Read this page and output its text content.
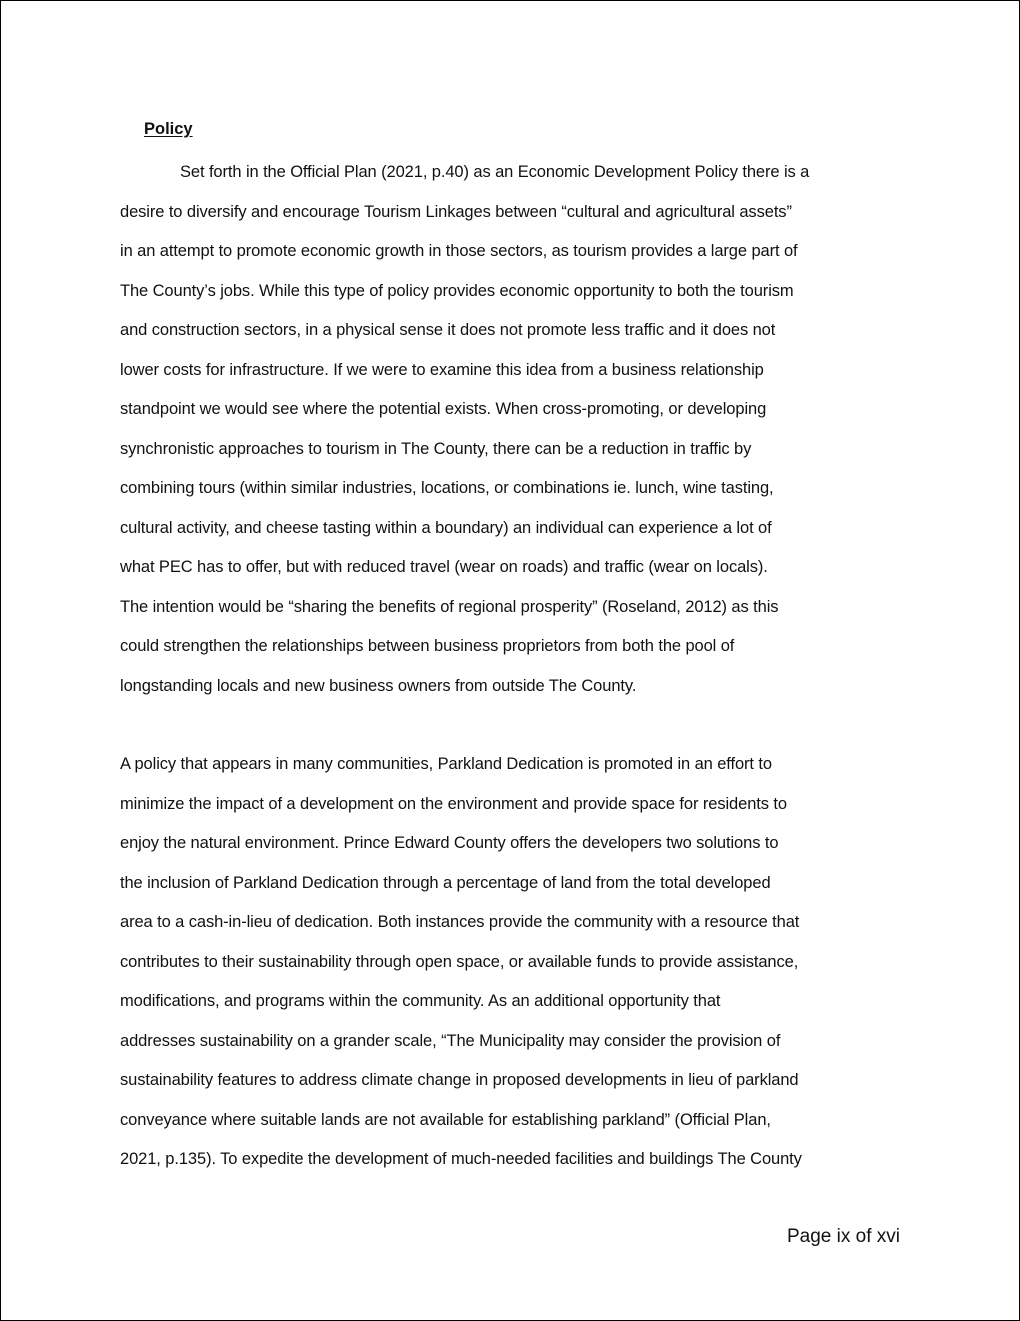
Policy

Set forth in the Official Plan (2021, p.40) as an Economic Development Policy there is a
desire to diversify and encourage Tourism Linkages between “cultural and agricultural assets”
in an attempt to promote economic growth in those sectors, as tourism provides a large part of
The County’s jobs. While this type of policy provides economic opportunity to both the tourism
and construction sectors, in a physical sense it does not promote less traffic and it does not
lower costs for infrastructure. If we were to examine this idea from a business relationship
standpoint we would see where the potential exists. When cross-promoting, or developing
synchronistic approaches to tourism in The County, there can be a reduction in traffic by
combining tours (within similar industries, locations, or combinations ie. lunch, wine tasting,
cultural activity, and cheese tasting within a boundary) an individual can experience a lot of
what PEC has to offer, but with reduced travel (wear on roads) and traffic (wear on locals).
The intention would be “sharing the benefits of regional prosperity” (Roseland, 2012) as this
could strengthen the relationships between business proprietors from both the pool of
longstanding locals and new business owners from outside The County.

A policy that appears in many communities, Parkland Dedication is promoted in an effort to
minimize the impact of a development on the environment and provide space for residents to
enjoy the natural environment. Prince Edward County offers the developers two solutions to
the inclusion of Parkland Dedication through a percentage of land from the total developed
area to a cash-in-lieu of dedication. Both instances provide the community with a resource that
contributes to their sustainability through open space, or available funds to provide assistance,
modifications, and programs within the community. As an additional opportunity that
addresses sustainability on a grander scale, “The Municipality may consider the provision of
sustainability features to address climate change in proposed developments in lieu of parkland
conveyance where suitable lands are not available for establishing parkland” (Official Plan,
2021, p.135). To expedite the development of much-needed facilities and buildings The County

Page ix of xvi
